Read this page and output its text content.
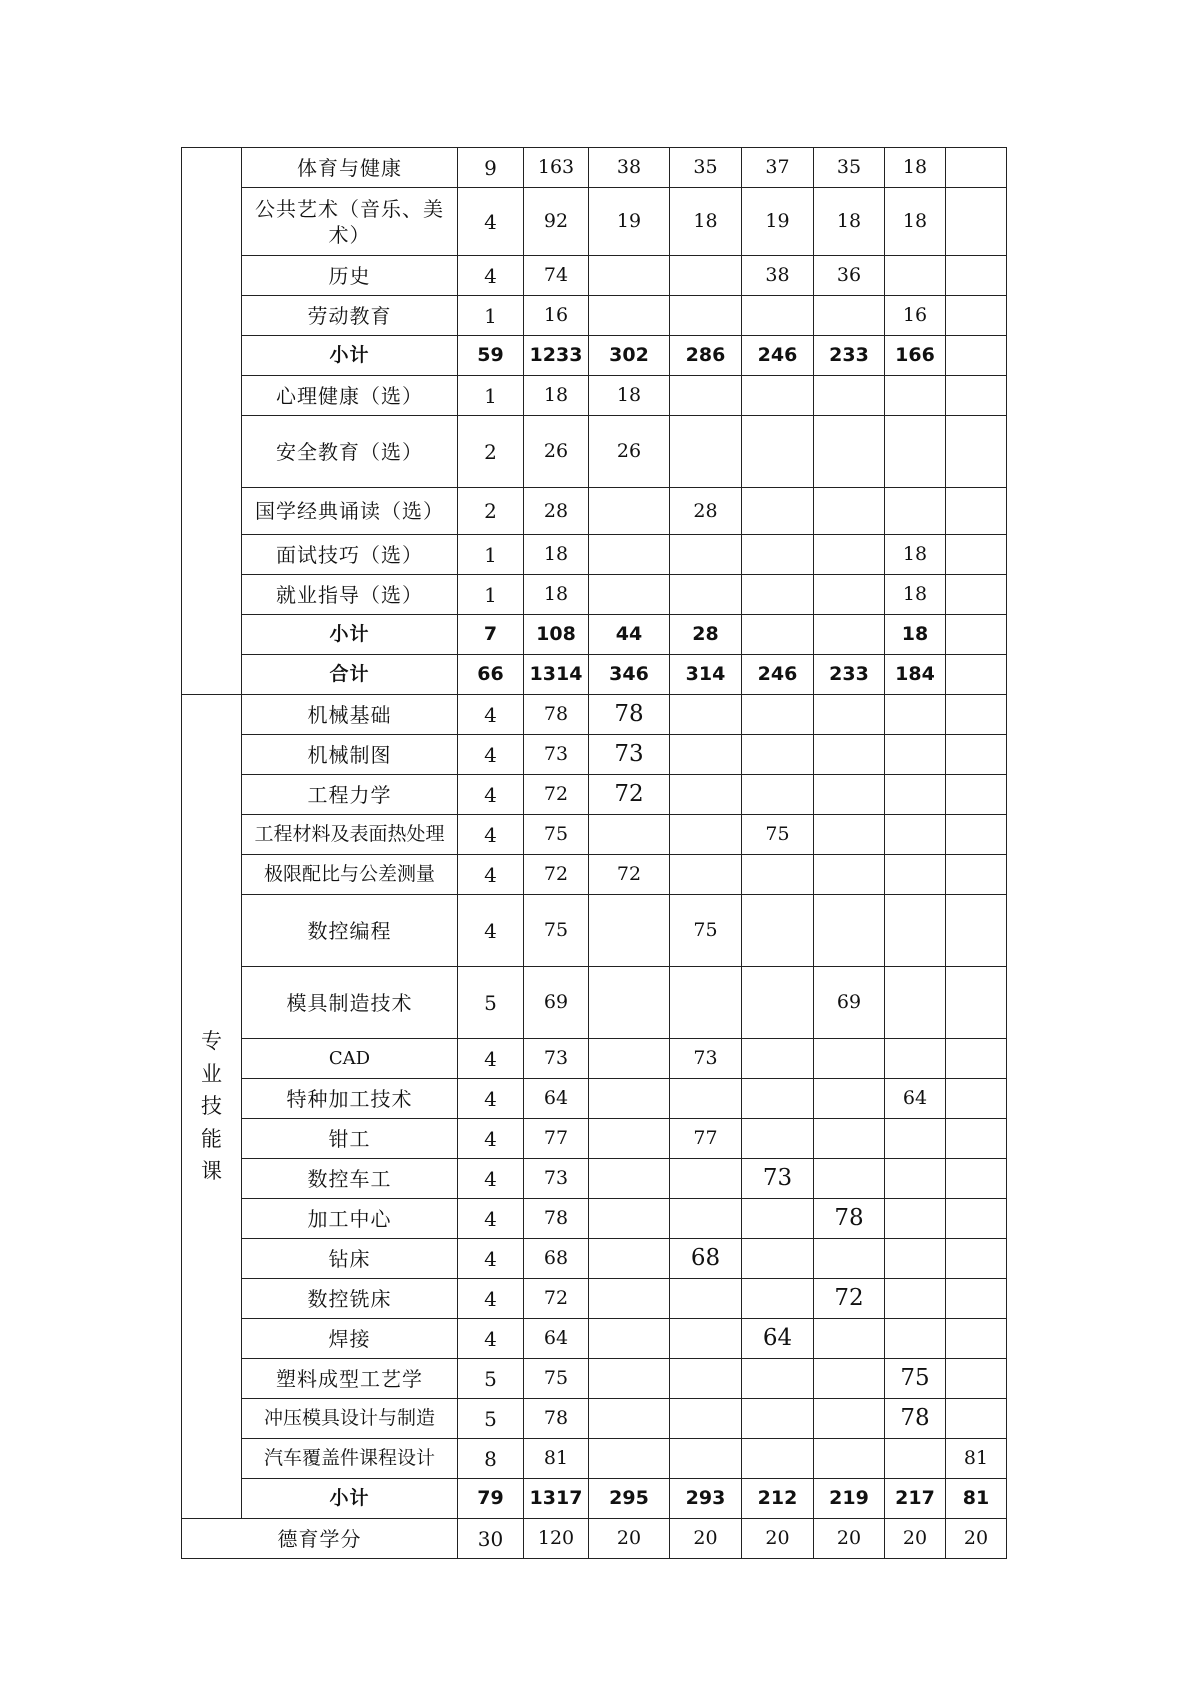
	体育与健康	9	163	38	35	37	35	18	
	公共艺术（音乐、美术）	4	92	19	18	19	18	18	
	历史	4	74			38	36		
	劳动教育	1	16					16	
	小计	59	1233	302	286	246	233	166	
	心理健康（选）	1	18	18					
	安全教育（选）	2	26	26					
	国学经典诵读（选）	2	28		28				
	面试技巧（选）	1	18					18	
	就业指导（选）	1	18					18	
	小计	7	108	44	28			18	
	合计	66	1314	346	314	246	233	184	

专业技能课	机械基础	4	78	78					
	机械制图	4	73	73					
	工程力学	4	72	72					
	工程材料及表面热处理	4	75			75			
	极限配比与公差测量	4	72	72					
	数控编程	4	75		75				
	模具制造技术	5	69				69		
	CAD	4	73		73				
	特种加工技术	4	64					64	
	钳工	4	77		77				
	数控车工	4	73			73			
	加工中心	4	78				78		
	钻床	4	68		68				
	数控铣床	4	72				72		
	焊接	4	64			64			
	塑料成型工艺学	5	75					75	
	冲压模具设计与制造	5	78					78	
	汽车覆盖件课程设计	8	81						81
	小计	79	1317	295	293	212	219	217	81
德育学分		30	120	20	20	20	20	20	20
